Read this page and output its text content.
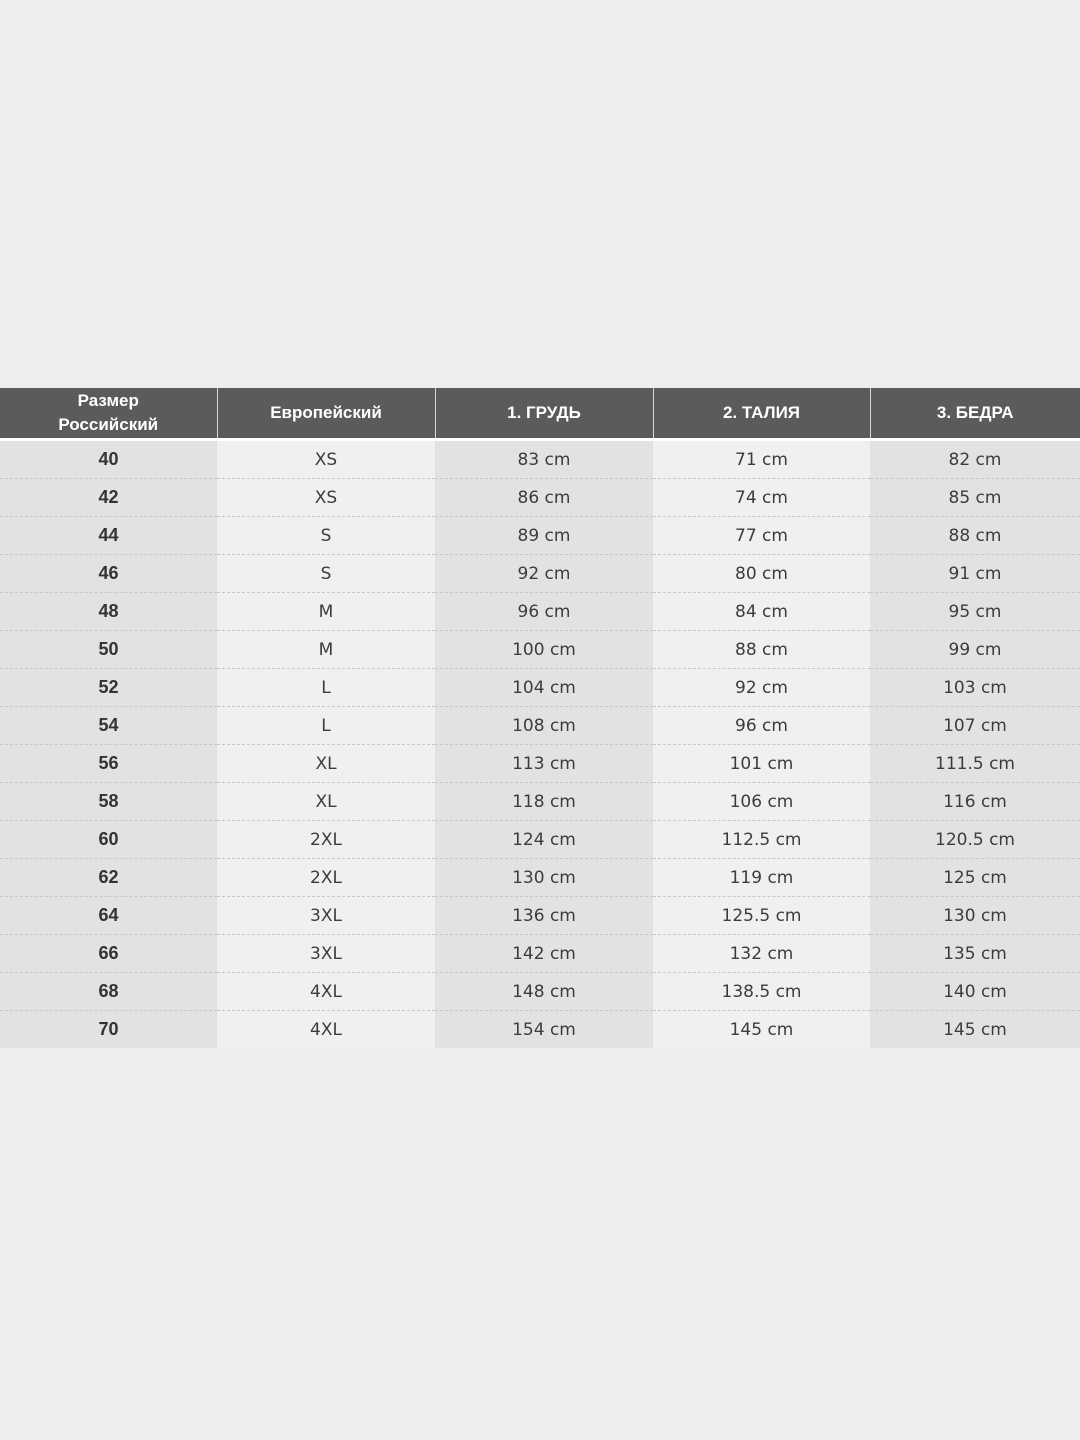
Размер
Российский	Европейский	1. ГРУДЬ	2. ТАЛИЯ	3. БЕДРА

40	XS	83 cm	71 cm	82 cm
42	XS	86 cm	74 cm	85 cm
44	S	89 cm	77 cm	88 cm
46	S	92 cm	80 cm	91 cm
48	M	96 cm	84 cm	95 cm
50	M	100 cm	88 cm	99 cm
52	L	104 cm	92 cm	103 cm
54	L	108 cm	96 cm	107 cm
56	XL	113 cm	101 cm	111.5 cm
58	XL	118 cm	106 cm	116 cm
60	2XL	124 cm	112.5 cm	120.5 cm
62	2XL	130 cm	119 cm	125 cm
64	3XL	136 cm	125.5 cm	130 cm
66	3XL	142 cm	132 cm	135 cm
68	4XL	148 cm	138.5 cm	140 cm
70	4XL	154 cm	145 cm	145 cm
